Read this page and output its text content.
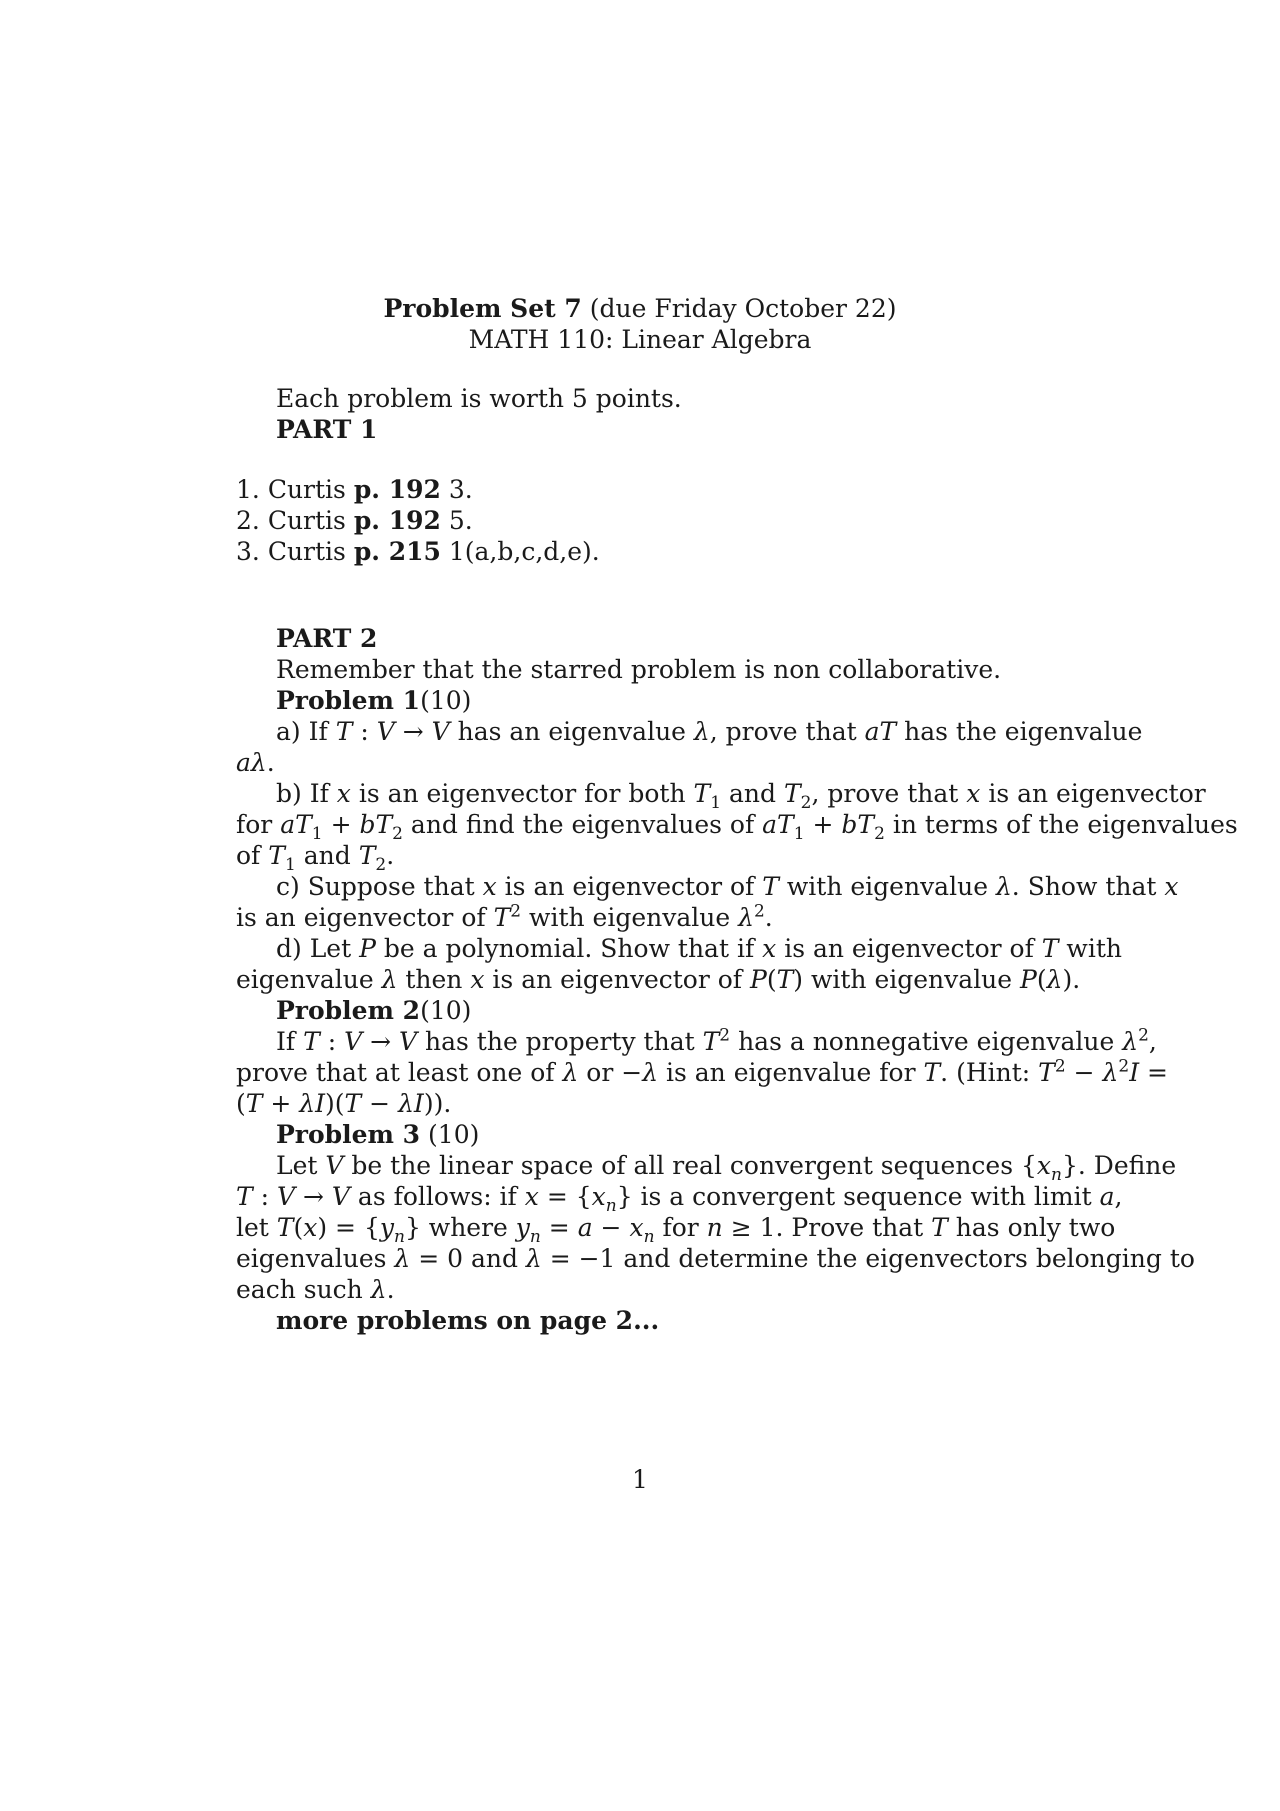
Problem Set 7 (due Friday October 22)
MATH 110: Linear Algebra
Each problem is worth 5 points.
PART 1
1. Curtis p. 192 3.
2. Curtis p. 192 5.
3. Curtis p. 215 1(a,b,c,d,e).
PART 2
Remember that the starred problem is non collaborative.
Problem 1(10)
a) If T : V → V has an eigenvalue λ, prove that aT has the eigenvalue
aλ.
b) If x is an eigenvector for both $T_1$ and $T_2$, prove that x is an eigenvector
for $aT_1 + bT_2$ and find the eigenvalues of $aT_1 + bT_2$ in terms of the eigenvalues
of $T_1$ and $T_2$.
c) Suppose that x is an eigenvector of T with eigenvalue λ. Show that x
is an eigenvector of $T^2$ with eigenvalue $\lambda^2$.
d) Let P be a polynomial. Show that if x is an eigenvector of T with
eigenvalue λ then x is an eigenvector of P(T) with eigenvalue P(λ).
Problem 2(10)
If T : V → V has the property that $T^2$ has a nonnegative eigenvalue $\lambda^2$,
prove that at least one of λ or −λ is an eigenvalue for T. (Hint: $T^2 - \lambda^2I$ =
(T + λI)(T − λI)).
Problem 3 (10)
Let V be the linear space of all real convergent sequences $\{x_n\}$. Define
T : V → V as follows: if $x = \{x_n\}$ is a convergent sequence with limit a,
let $T(x) = \{y_n\}$ where $y_n = a - x_n$ for n ≥ 1. Prove that T has only two
eigenvalues λ = 0 and λ = −1 and determine the eigenvectors belonging to
each such λ.
more problems on page 2...
1
